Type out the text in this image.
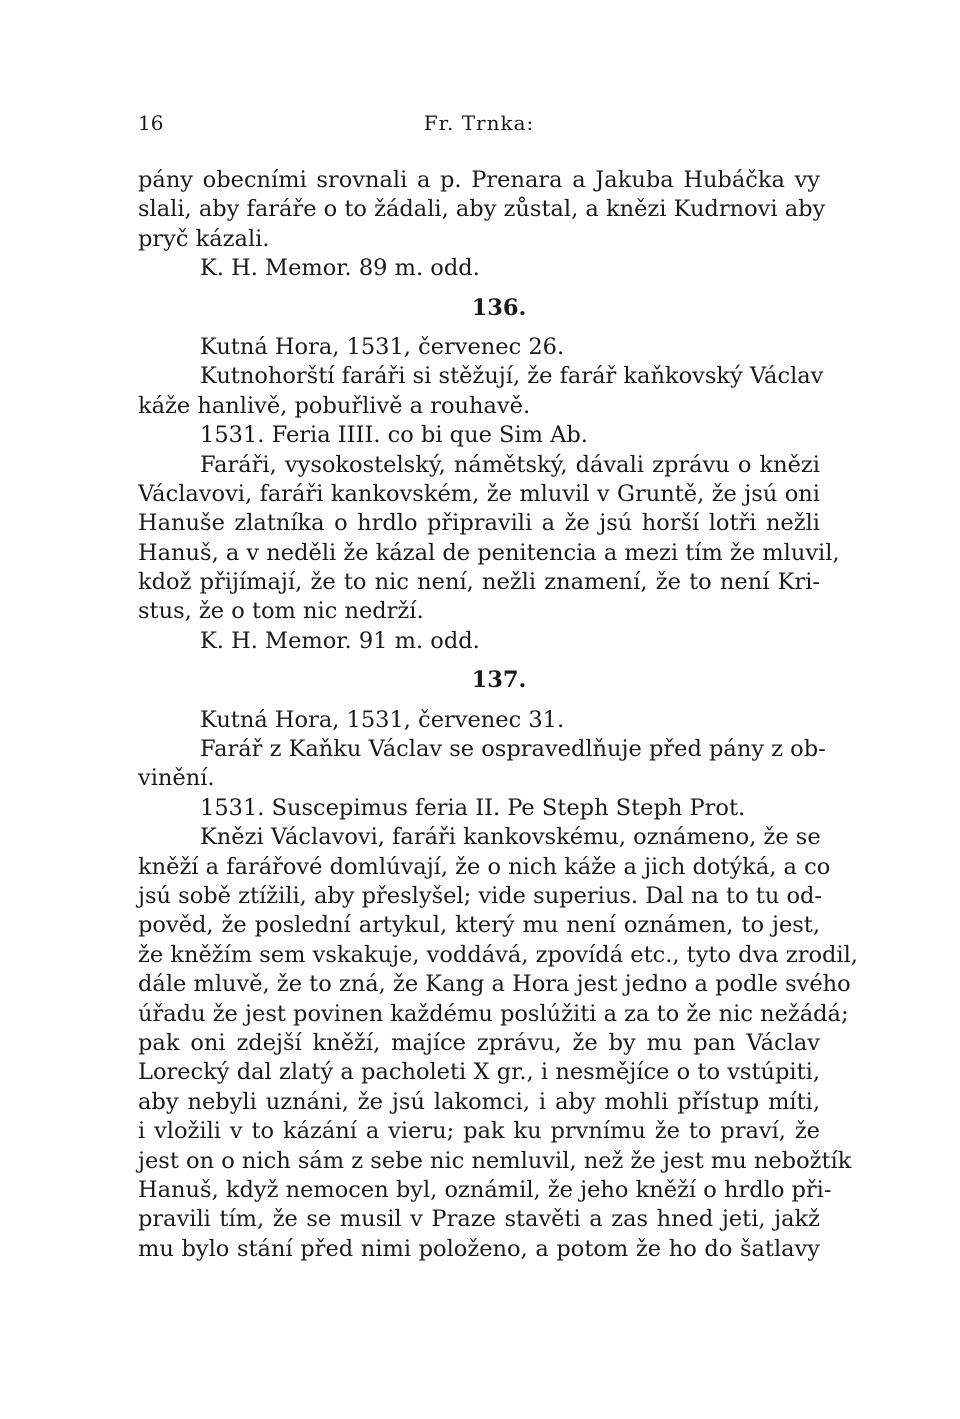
16	Fr. Trnka:
pány obecními srovnali a p. Prenara a Jakuba Hubáčka vy
slali, aby faráře o to žádali, aby zůstal, a knězi Kudrnovi aby
pryč kázali.
K. H. Memor. 89 m. odd.
136.
Kutná Hora, 1531, červenec 26.
Kutnohorští faráři si stěžují, že farář kaňkovský Václav
káže hanlivě, pobuřlivě a rouhavě.
1531. Feria IIII. co bi que Sim Ab.
Faráři, vysokostelský, námětský, dávali zprávu o knězi
Václavovi, faráři kankovském, že mluvil v Gruntě, že jsú oni
Hanuše zlatníka o hrdlo připravili a že jsú horší lotři nežli
Hanuš, a v neděli že kázal de penitencia a mezi tím že mluvil,
kdož přijímají, že to nic není, nežli znamení, že to není Kri-
stus, že o tom nic nedrží.
K. H. Memor. 91 m. odd.
137.
Kutná Hora, 1531, červenec 31.
Farář z Kaňku Václav se ospravedlňuje před pány z ob-
vinění.
1531. Suscepimus feria II. Pe Steph Steph Prot.
Knězi Václavovi, faráři kankovskému, oznámeno, že se
kněží a farářové domlúvají, že o nich káže a jich dotýká, a co
jsú sobě ztížili, aby přeslyšel; vide superius. Dal na to tu od-
pověd, že poslední artykul, který mu není oznámen, to jest,
že kněžím sem vskakuje, voddává, zpovídá etc., tyto dva zrodil,
dále mluvě, že to zná, že Kang a Hora jest jedno a podle svého
úřadu že jest povinen každému poslúžiti a za to že nic nežádá;
pak oni zdejší kněží, majíce zprávu, že by mu pan Václav
Lorecký dal zlatý a pacholeti X gr., i nesmějíce o to vstúpiti,
aby nebyli uznáni, že jsú lakomci, i aby mohli přístup míti,
i vložili v to kázání a vieru; pak ku prvnímu že to praví, že
jest on o nich sám z sebe nic nemluvil, než že jest mu nebožtík
Hanuš, když nemocen byl, oznámil, že jeho kněží o hrdlo při-
pravili tím, že se musil v Praze stavěti a zas hned jeti, jakž
mu bylo stání před nimi položeno, a potom že ho do šatlavy
